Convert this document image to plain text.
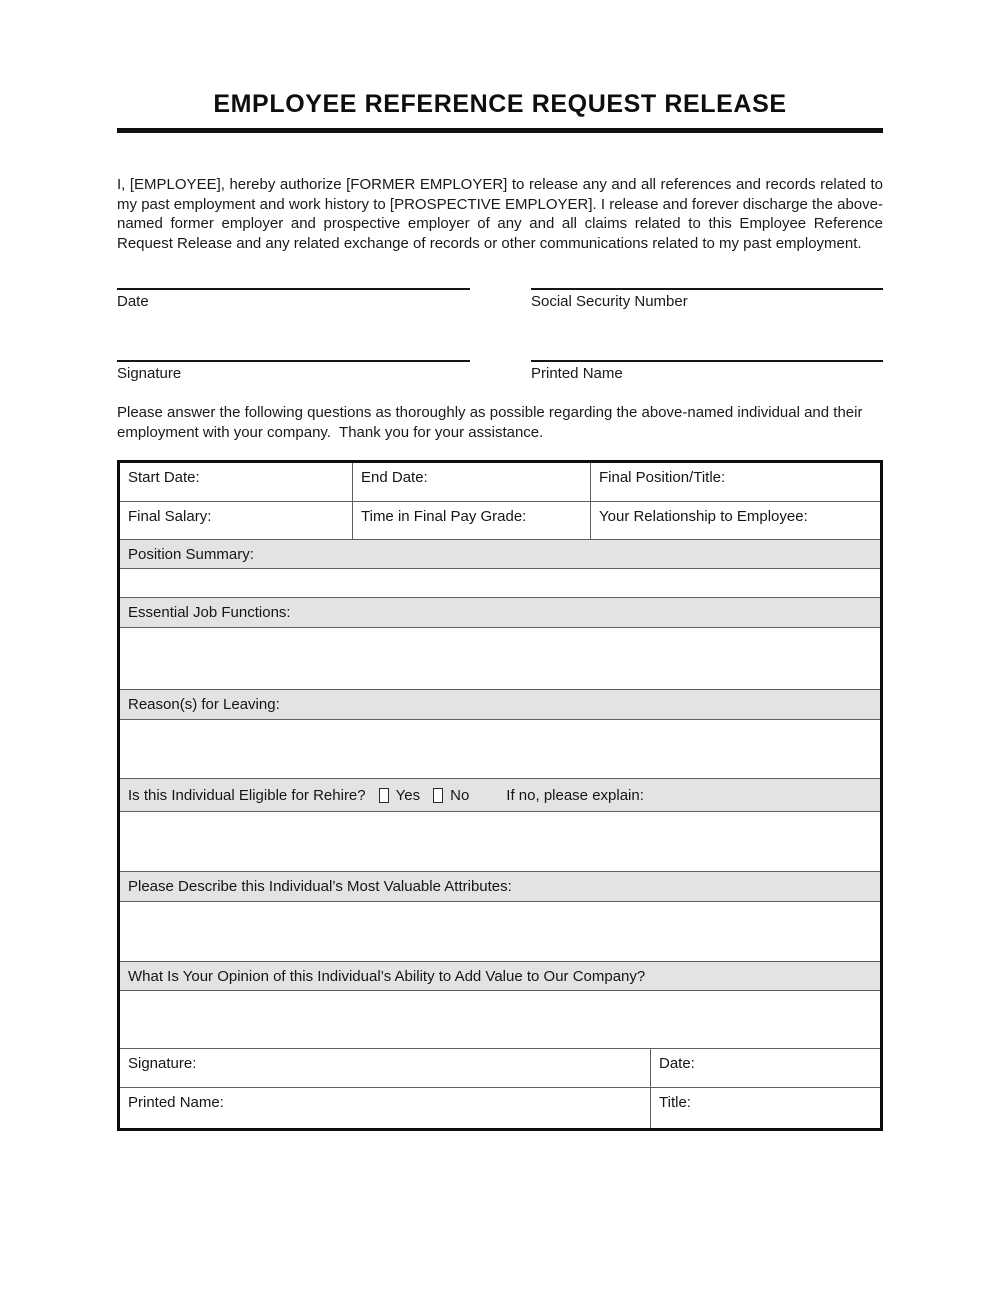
EMPLOYEE REFERENCE REQUEST RELEASE

I, [EMPLOYEE], hereby authorize [FORMER EMPLOYER] to release any and all references and records related to my past employment and work history to [PROSPECTIVE EMPLOYER]. I release and forever discharge the above-named former employer and prospective employer of any and all claims related to this Employee Reference Request Release and any related exchange of records or other communications related to my past employment.

Date	Social Security Number
Signature	Printed Name

Please answer the following questions as thoroughly as possible regarding the above-named individual and their employment with your company.  Thank you for your assistance.

Start Date:	End Date:	Final Position/Title:
Final Salary:	Time in Final Pay Grade:	Your Relationship to Employee:
Position Summary:
Essential Job Functions:
Reason(s) for Leaving:
Is this Individual Eligible for Rehire? Yes No If no, please explain:
Please Describe this Individual’s Most Valuable Attributes:
What Is Your Opinion of this Individual’s Ability to Add Value to Our Company?
Signature:	Date:
Printed Name:	Title:
